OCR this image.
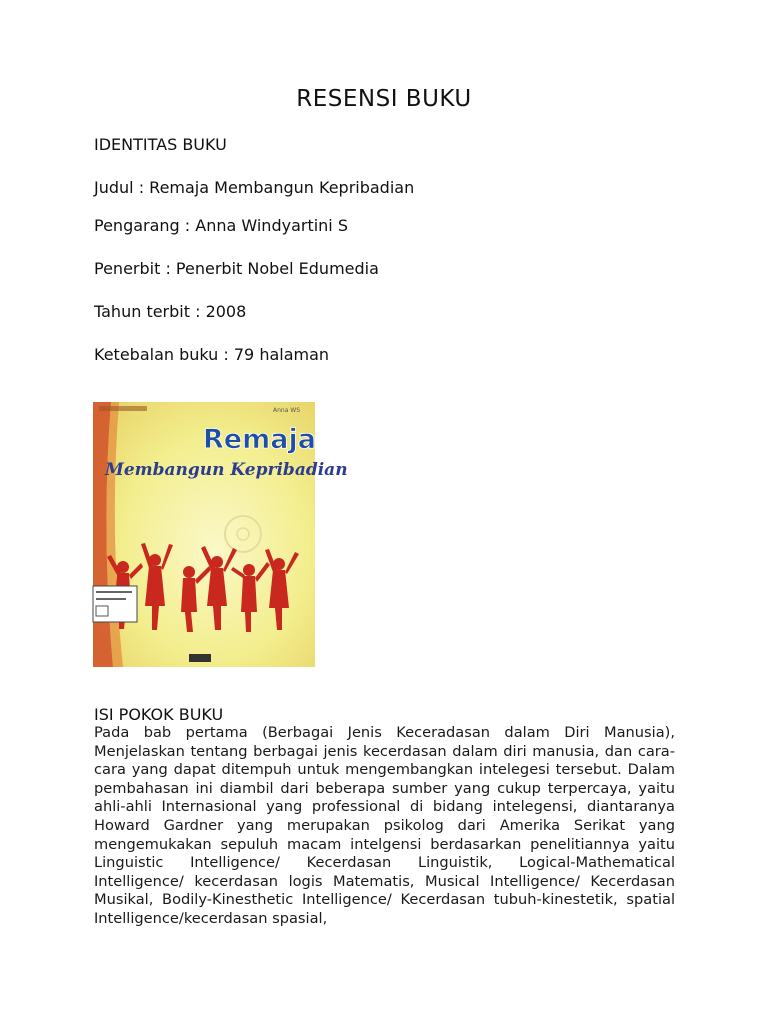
RESENSI BUKU

IDENTITAS BUKU

Judul : Remaja Membangun Kepribadian

Pengarang : Anna Windyartini S

Penerbit : Penerbit Nobel Edumedia

Tahun terbit : 2008

Ketebalan buku : 79 halaman

Anna WS
Remaja
Membangun Kepribadian

ISI POKOK BUKU

Pada bab pertama (Berbagai Jenis Keceradasan dalam Diri Manusia), Menjelaskan tentang berbagai jenis kecerdasan dalam diri manusia, dan cara-cara yang dapat ditempuh untuk mengembangkan intelegesi tersebut. Dalam pembahasan ini diambil dari beberapa sumber yang cukup terpercaya, yaitu ahli-ahli Internasional yang professional di bidang intelegensi, diantaranya Howard Gardner yang merupakan psikolog dari Amerika Serikat yang mengemukakan sepuluh macam intelgensi berdasarkan penelitiannya yaitu Linguistic Intelligence/ Kecerdasan Linguistik, Logical-Mathematical Intelligence/ kecerdasan logis Matematis, Musical Intelligence/ Kecerdasan Musikal, Bodily-Kinesthetic Intelligence/ Kecerdasan tubuh-kinestetik, spatial Intelligence/kecerdasan spasial,
